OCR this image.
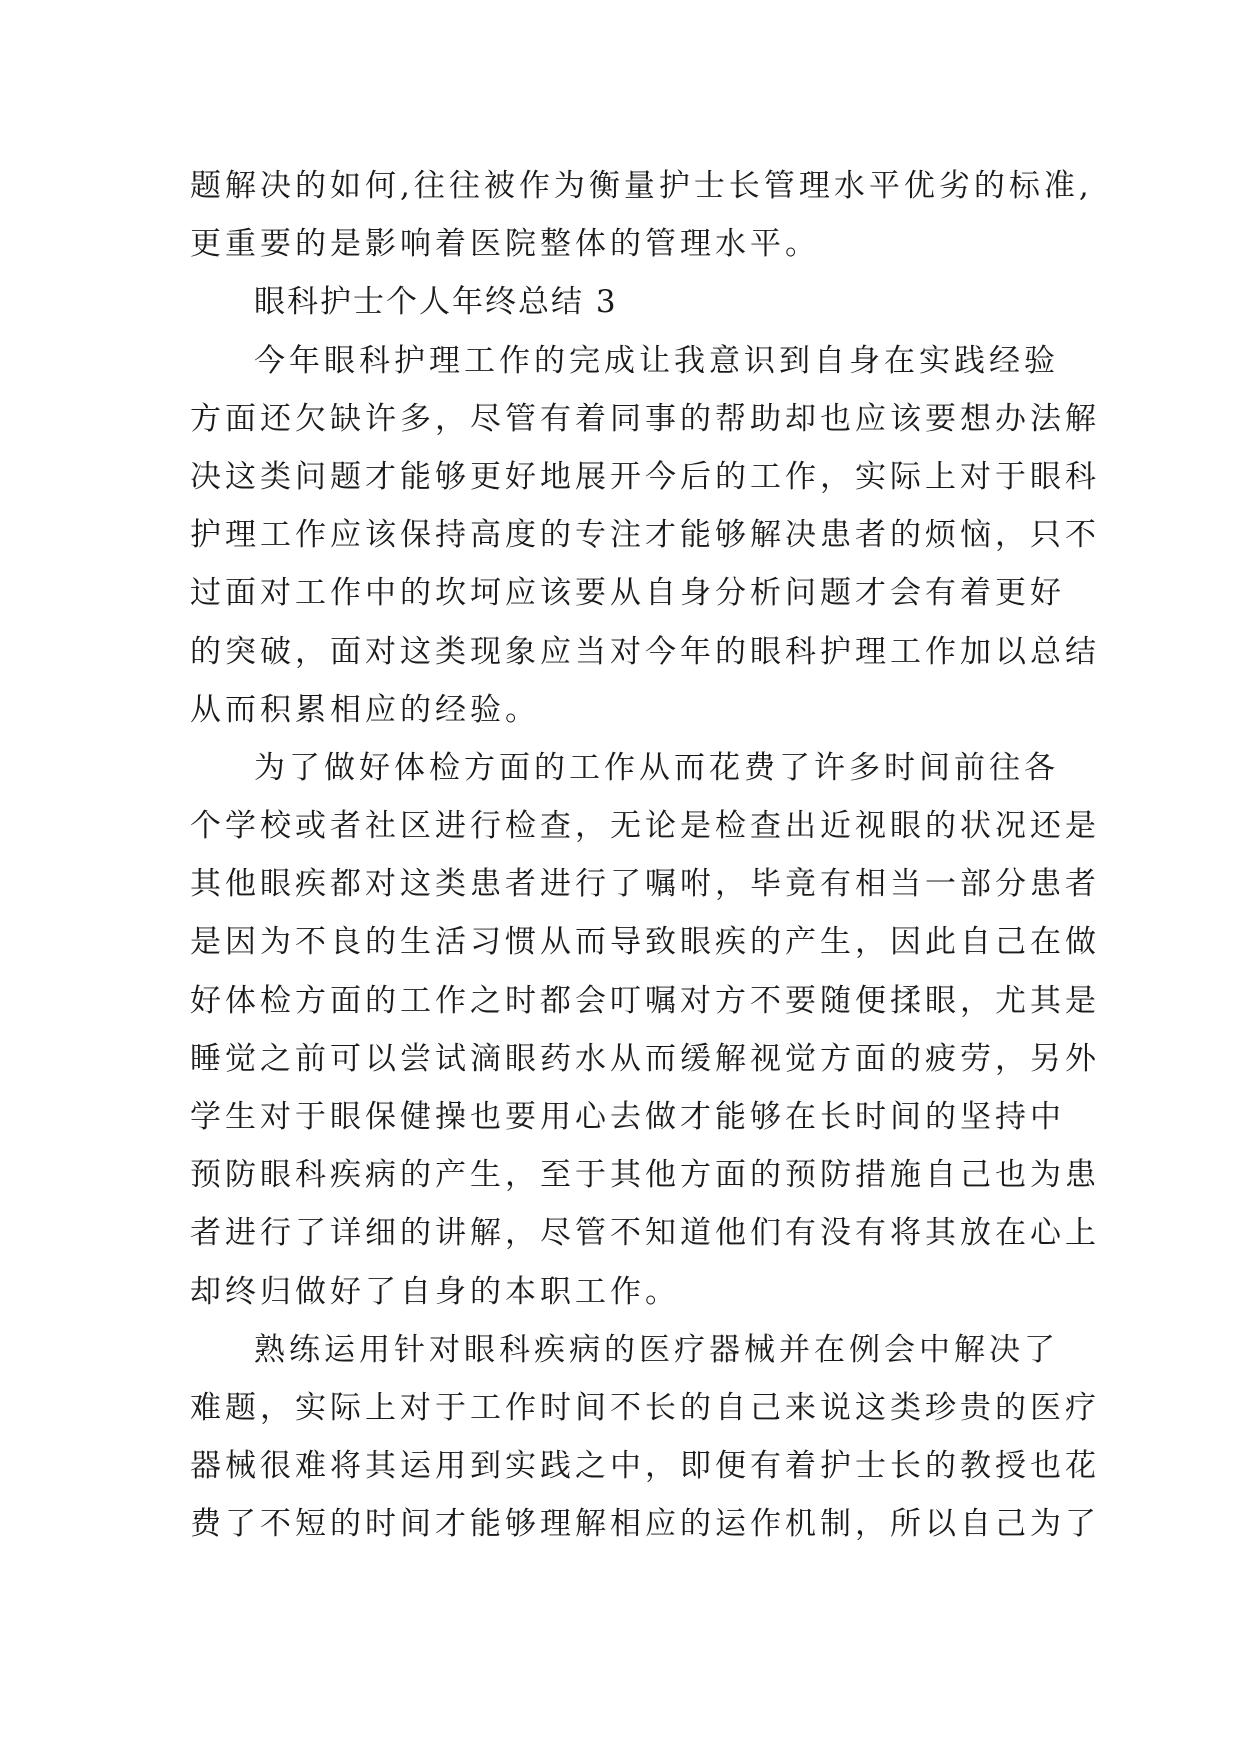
题解决的如何,往往被作为衡量护士长管理水平优劣的标准,
更重要的是影响着医院整体的管理水平。
眼科护士个人年终总结 3
今年眼科护理工作的完成让我意识到自身在实践经验
方面还欠缺许多，尽管有着同事的帮助却也应该要想办法解
决这类问题才能够更好地展开今后的工作，实际上对于眼科
护理工作应该保持高度的专注才能够解决患者的烦恼，只不
过面对工作中的坎坷应该要从自身分析问题才会有着更好
的突破，面对这类现象应当对今年的眼科护理工作加以总结
从而积累相应的经验。
为了做好体检方面的工作从而花费了许多时间前往各
个学校或者社区进行检查，无论是检查出近视眼的状况还是
其他眼疾都对这类患者进行了嘱咐，毕竟有相当一部分患者
是因为不良的生活习惯从而导致眼疾的产生，因此自己在做
好体检方面的工作之时都会叮嘱对方不要随便揉眼，尤其是
睡觉之前可以尝试滴眼药水从而缓解视觉方面的疲劳，另外
学生对于眼保健操也要用心去做才能够在长时间的坚持中
预防眼科疾病的产生，至于其他方面的预防措施自己也为患
者进行了详细的讲解，尽管不知道他们有没有将其放在心上
却终归做好了自身的本职工作。
熟练运用针对眼科疾病的医疗器械并在例会中解决了
难题，实际上对于工作时间不长的自己来说这类珍贵的医疗
器械很难将其运用到实践之中，即便有着护士长的教授也花
费了不短的时间才能够理解相应的运作机制，所以自己为了
